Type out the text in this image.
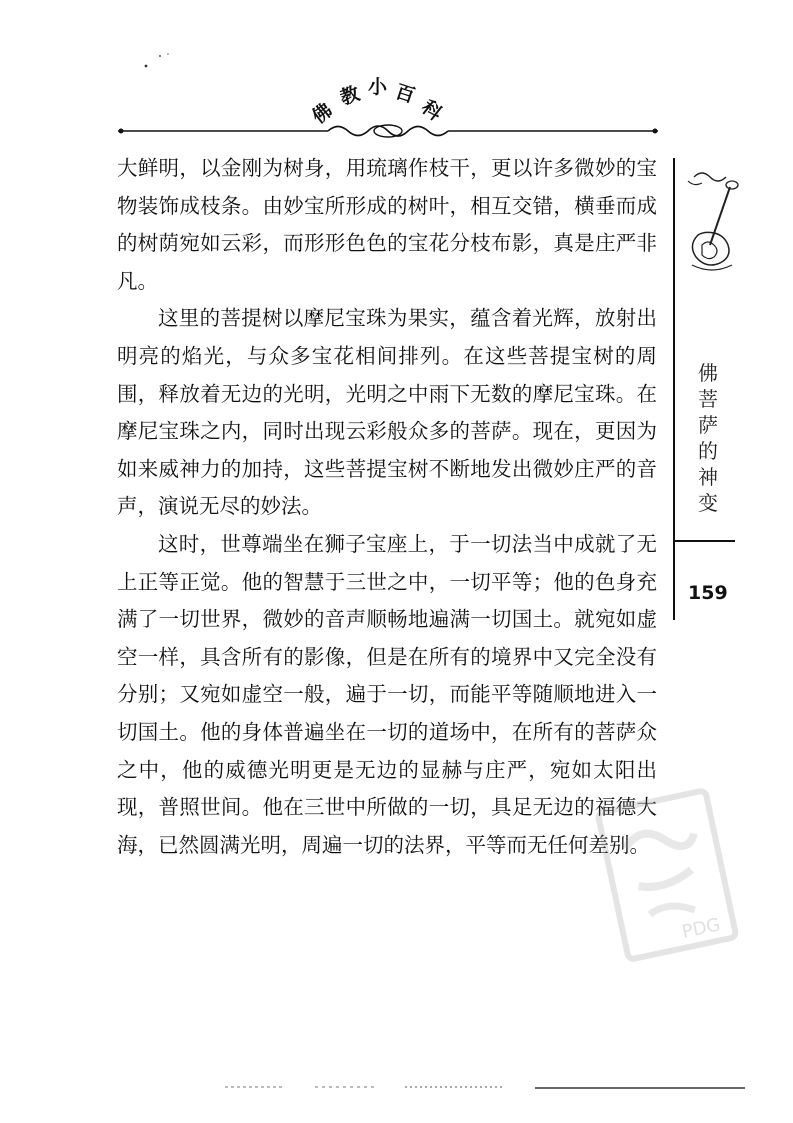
佛
教 小 百
科

大鲜明，以金刚为树身，用琉璃作枝干，更以许多微妙的宝物装饰成枝条。由妙宝所形成的树叶，相互交错，横垂而成的树荫宛如云彩，而形形色色的宝花分枝布影，真是庄严非凡。

这里的菩提树以摩尼宝珠为果实，蕴含着光辉，放射出明亮的焰光，与众多宝花相间排列。在这些菩提宝树的周围，释放着无边的光明，光明之中雨下无数的摩尼宝珠。在摩尼宝珠之内，同时出现云彩般众多的菩萨。现在，更因为如来威神力的加持，这些菩提宝树不断地发出微妙庄严的音声，演说无尽的妙法。

这时，世尊端坐在狮子宝座上，于一切法当中成就了无上正等正觉。他的智慧于三世之中，一切平等；他的色身充满了一切世界，微妙的音声顺畅地遍满一切国土。就宛如虚空一样，具含所有的影像，但是在所有的境界中又完全没有分别；又宛如虚空一般，遍于一切，而能平等随顺地进入一切国土。他的身体普遍坐在一切的道场中，在所有的菩萨众之中，他的威德光明更是无边的显赫与庄严，宛如太阳出现，普照世间。他在三世中所做的一切，具足无边的福德大海，已然圆满光明，周遍一切的法界，平等而无任何差别。

佛菩萨的神变
159
PDG
